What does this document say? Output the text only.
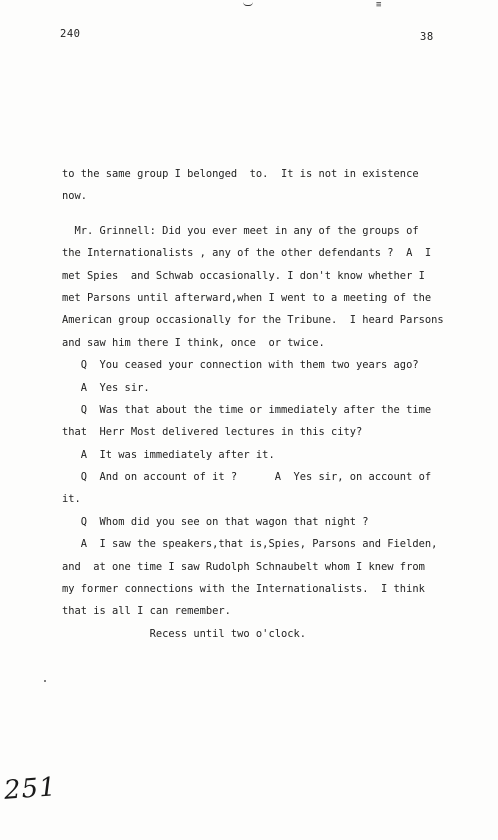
≡
240	38
to the same group I belonged  to.  It is not in existence
now.
Mr. Grinnell: Did you ever meet in any of the groups of
the Internationalists , any of the other defendants ?  A  I
met Spies  and Schwab occasionally. I don't know whether I
met Parsons until afterward,when I went to a meeting of the
American group occasionally for the Tribune.  I heard Parsons
and saw him there I think, once  or twice.
Q  You ceased your connection with them two years ago?
A  Yes sir.
Q  Was that about the time or immediately after the time
that  Herr Most delivered lectures in this city?
A  It was immediately after it.
Q  And on account of it ?      A  Yes sir, on account of
it.
Q  Whom did you see on that wagon that night ?
A  I saw the speakers,that is,Spies, Parsons and Fielden,
and  at one time I saw Rudolph Schnaubelt whom I knew from
my former connections with the Internationalists.  I think
that is all I can remember.
Recess until two o'clock.
251
